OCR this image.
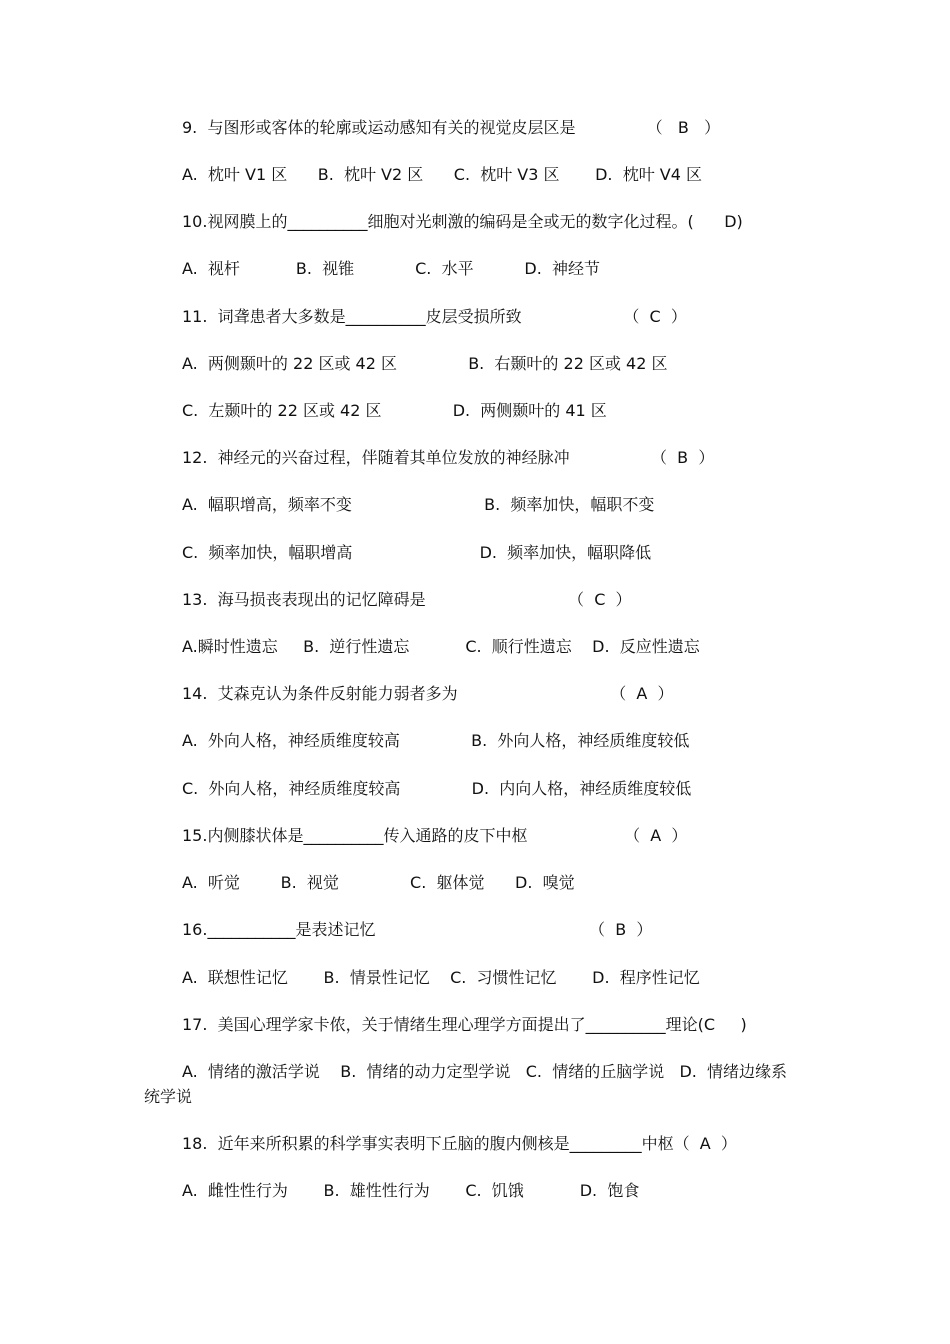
9.  与图形或客体的轮廓或运动感知有关的视觉皮层区是              （   B   ）
A.  枕叶 V1 区      B.  枕叶 V2 区      C.  枕叶 V3 区       D.  枕叶 V4 区
10.视网膜上的__________细胞对光刺激的编码是全或无的数字化过程。(      D)
A.  视杆           B.  视锥            C.  水平          D.  神经节
11.  词聋患者大多数是__________皮层受损所致                    （  C  ）
A.  两侧颞叶的 22 区或 42 区              B.  右颞叶的 22 区或 42 区
C.  左颞叶的 22 区或 42 区              D.  两侧颞叶的 41 区
12.  神经元的兴奋过程，伴随着其单位发放的神经脉冲                （  B  ）
A.  幅职增高，频率不变                          B.  频率加快，幅职不变
C.  频率加快，幅职增高                         D.  频率加快，幅职降低
13.  海马损丧表现出的记忆障碍是                            （  C  ）
A.瞬时性遗忘     B.  逆行性遗忘           C.  顺行性遗忘    D.  反应性遗忘
14.  艾森克认为条件反射能力弱者多为                              （  A  ）
A.  外向人格，神经质维度较高              B.  外向人格，神经质维度较低
C.  外向人格，神经质维度较高              D.  内向人格，神经质维度较低
15.内侧膝状体是__________传入通路的皮下中枢                   （  A  ）
A.  听觉        B.  视觉              C.  躯体觉      D.  嗅觉
16.___________是表述记忆                                          （  B  ）
A.  联想性记忆       B.  情景性记忆    C.  习惯性记忆       D.  程序性记忆
17.  美国心理学家卡侬，关于情绪生理心理学方面提出了__________理论(C     )
A.  情绪的激活学说    B.  情绪的动力定型学说   C.  情绪的丘脑学说   D.  情绪边缘系
统学说
18.  近年来所积累的科学事实表明下丘脑的腹内侧核是_________中枢（  A  ）
A.  雌性性行为       B.  雄性性行为       C.  饥饿           D.  饱食
